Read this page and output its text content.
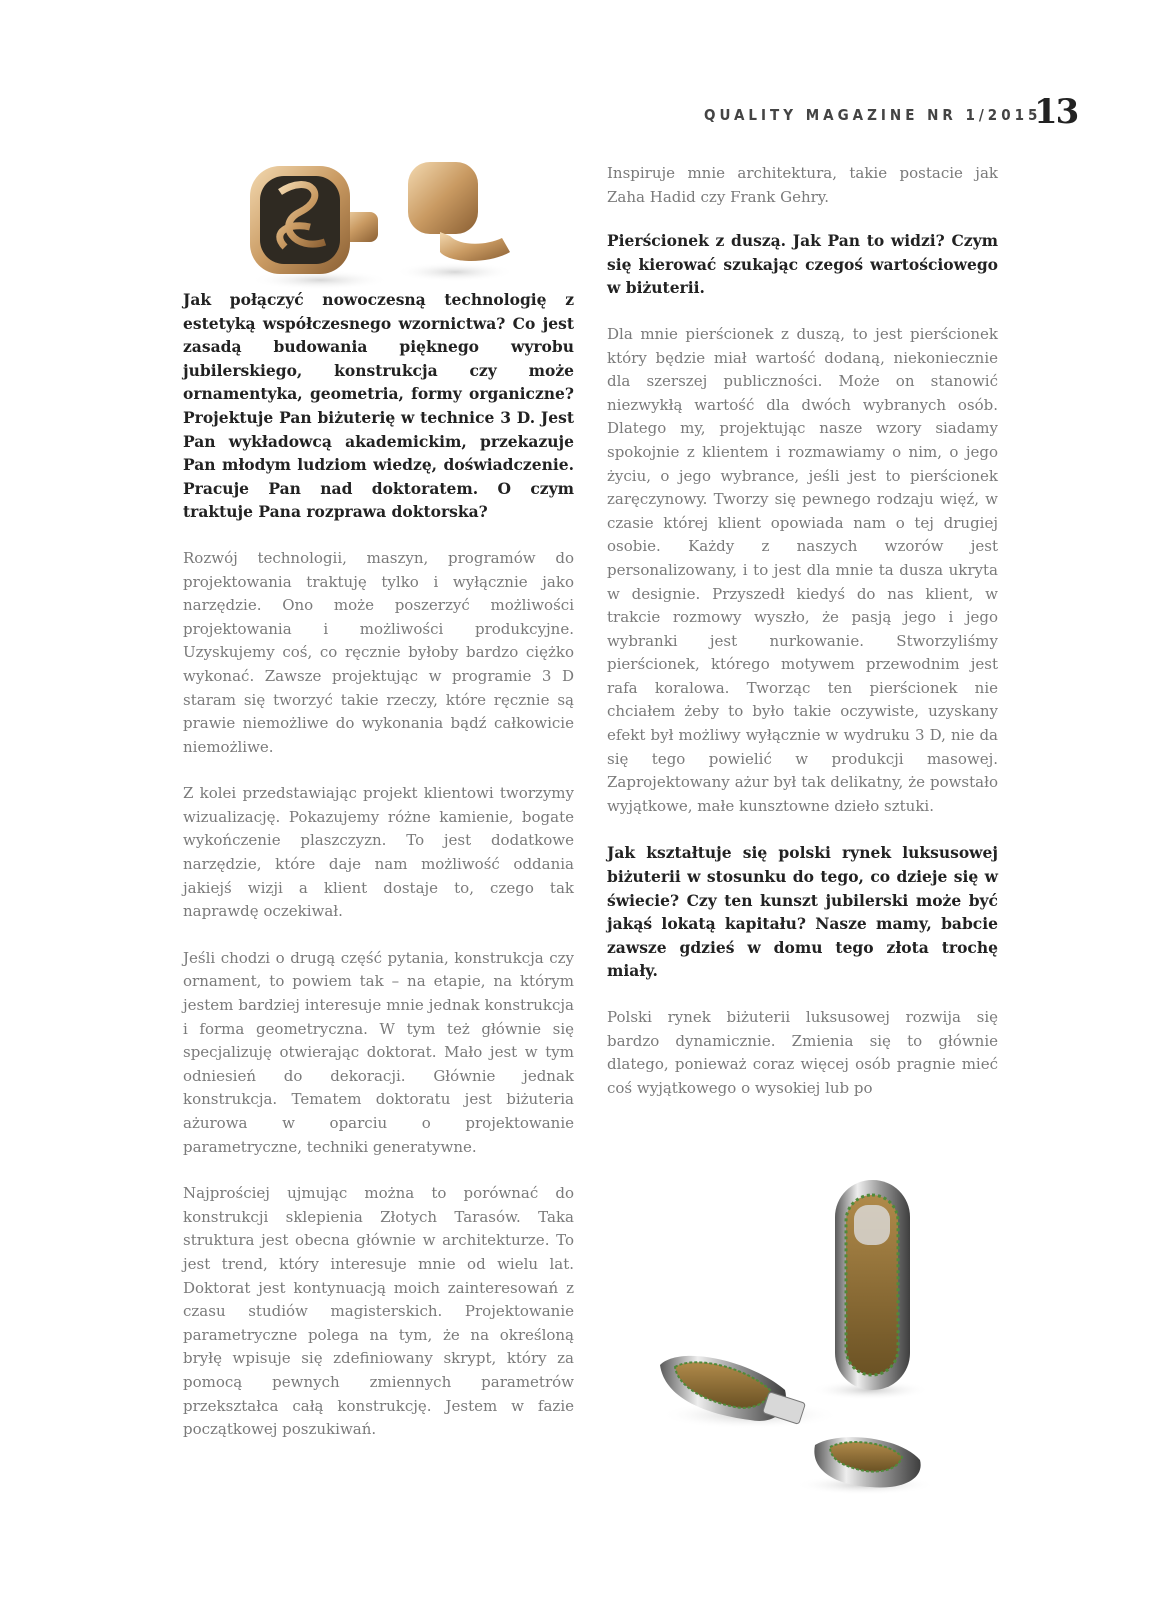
QUALITY MAGAZINE NR 1/2015
13

Jak połączyć nowoczesną technologię z estetyką współczesnego wzornictwa? Co jest zasadą budowania pięknego wyrobu jubilerskiego, konstrukcja czy może ornamentyka, geometria, formy organiczne? Projektuje Pan biżuterię w technice 3 D. Jest Pan wykładowcą akademickim, przekazuje Pan młodym ludziom wiedzę, doświadczenie. Pracuje Pan nad doktoratem. O czym traktuje Pana rozprawa doktorska?

Rozwój technologii, maszyn, programów do projektowania traktuję tylko i wyłącznie jako narzędzie. Ono może poszerzyć możliwości projektowania i możliwości produkcyjne. Uzyskujemy coś, co ręcznie byłoby bardzo ciężko wykonać. Zawsze projektując w programie 3 D staram się tworzyć takie rzeczy, które ręcznie są prawie niemożliwe do wykonania bądź całkowicie niemożliwe.

Z kolei przedstawiając projekt klientowi tworzymy wizualizację. Pokazujemy różne kamienie, bogate wykończenie plaszczyzn. To jest dodatkowe narzędzie, które daje nam możliwość oddania jakiejś wizji a klient dostaje to, czego tak naprawdę oczekiwał.

Jeśli chodzi o drugą część pytania, konstrukcja czy ornament, to powiem tak – na etapie, na którym jestem bardziej interesuje mnie jednak konstrukcja i forma geometryczna. W tym też głównie się specjalizuję otwierając doktorat. Mało jest w tym odniesień do dekoracji. Głównie jednak konstrukcja. Tematem doktoratu jest biżuteria ażurowa w oparciu o projektowanie parametryczne, techniki generatywne.

Najprościej ujmując można to porównać do konstrukcji sklepienia Złotych Tarasów. Taka struktura jest obecna głównie w architekturze. To jest trend, który interesuje mnie od wielu lat. Doktorat jest kontynuacją moich zainteresowań z czasu studiów magisterskich. Projektowanie parametryczne polega na tym, że na określoną bryłę wpisuje się zdefiniowany skrypt, który za pomocą pewnych zmiennych parametrów przekształca całą konstrukcję. Jestem w fazie początkowej poszukiwań.

Inspiruje mnie architektura, takie postacie jak Zaha Hadid czy Frank Gehry.

Pierścionek z duszą. Jak Pan to widzi? Czym się kierować szukając czegoś wartościowego w biżuterii.

Dla mnie pierścionek z duszą, to jest pierścionek który będzie miał wartość dodaną, niekoniecznie dla szerszej publiczności. Może on stanowić niezwykłą wartość dla dwóch wybranych osób. Dlatego my, projektując nasze wzory siadamy spokojnie z klientem i rozmawiamy o nim, o jego życiu, o jego wybrance, jeśli jest to pierścionek zaręczynowy. Tworzy się pewnego rodzaju więź, w czasie której klient opowiada nam o tej drugiej osobie. Każdy z naszych wzorów jest personalizowany, i to jest dla mnie ta dusza ukryta w designie. Przyszedł kiedyś do nas klient, w trakcie rozmowy wyszło, że pasją jego i jego wybranki jest nurkowanie. Stworzyliśmy pierścionek, którego motywem przewodnim jest rafa koralowa. Tworząc ten pierścionek nie chciałem żeby to było takie oczywiste, uzyskany efekt był możliwy wyłącznie w wydruku 3 D, nie da się tego powielić w produkcji masowej. Zaprojektowany ażur był tak delikatny, że powstało wyjątkowe, małe kunsztowne dzieło sztuki.

Jak kształtuje się polski rynek luksusowej biżuterii w stosunku do tego, co dzieje się w świecie? Czy ten kunszt jubilerski może być jakąś lokatą kapitału? Nasze mamy, babcie zawsze gdzieś w domu tego złota trochę miały.

Polski rynek biżuterii luksusowej rozwija się bardzo dynamicznie. Zmienia się to głównie dlatego, ponieważ coraz więcej osób pragnie mieć coś wyjątkowego o wysokiej lub po
